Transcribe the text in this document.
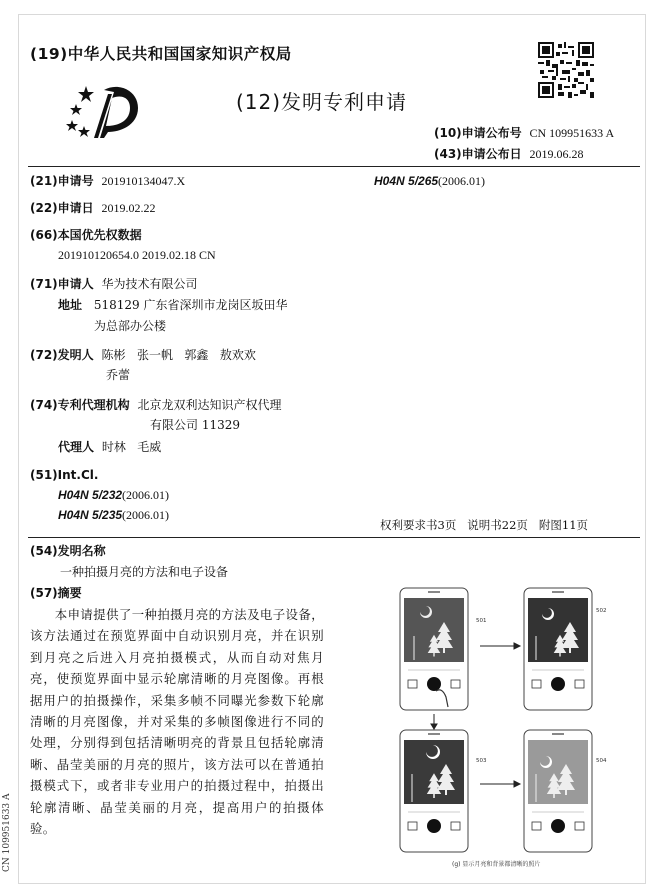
(19)中华人民共和国国家知识产权局
(12)发明专利申请
(10)申请公布号 CN 109951633 A
(43)申请公布日 2019.06.28
(21)申请号 201910134047.X	H04N 5/265(2006.01)
(22)申请日 2019.02.22
(66)本国优先权数据
201910120654.0 2019.02.18 CN
(71)申请人 华为技术有限公司
地址 518129 广东省深圳市龙岗区坂田华
为总部办公楼
(72)发明人 陈彬   张一帆   郭鑫   敖欢欢
乔蕾
(74)专利代理机构 北京龙双利达知识产权代理
有限公司 11329
代理人 时林   毛威
(51)Int.Cl.
H04N 5/232(2006.01)
H04N 5/235(2006.01)
权利要求书3页   说明书22页   附图11页
(54)发明名称
一种拍摄月亮的方法和电子设备
(57)摘要
本申请提供了一种拍摄月亮的方法及电子设备，该方法通过在预览界面中自动识别月亮，并在识别到月亮之后进入月亮拍摄模式，从而自动对焦月亮，使预览界面中显示轮廓清晰的月亮图像。再根据用户的拍摄操作，采集多帧不同曝光参数下轮廓清晰的月亮图像，并对采集的多帧图像进行不同的处理，分别得到包括清晰明亮的背景且包括轮廓清晰、晶莹美丽的月亮的照片，该方法可以在普通拍摄模式下，或者非专业用户的拍摄过程中，拍摄出轮廓清晰、晶莹美丽的月亮，提高用户的拍摄体验。
501
502
503	504
(g) 显示月亮和背景都清晰的照片
CN 109951633 A
